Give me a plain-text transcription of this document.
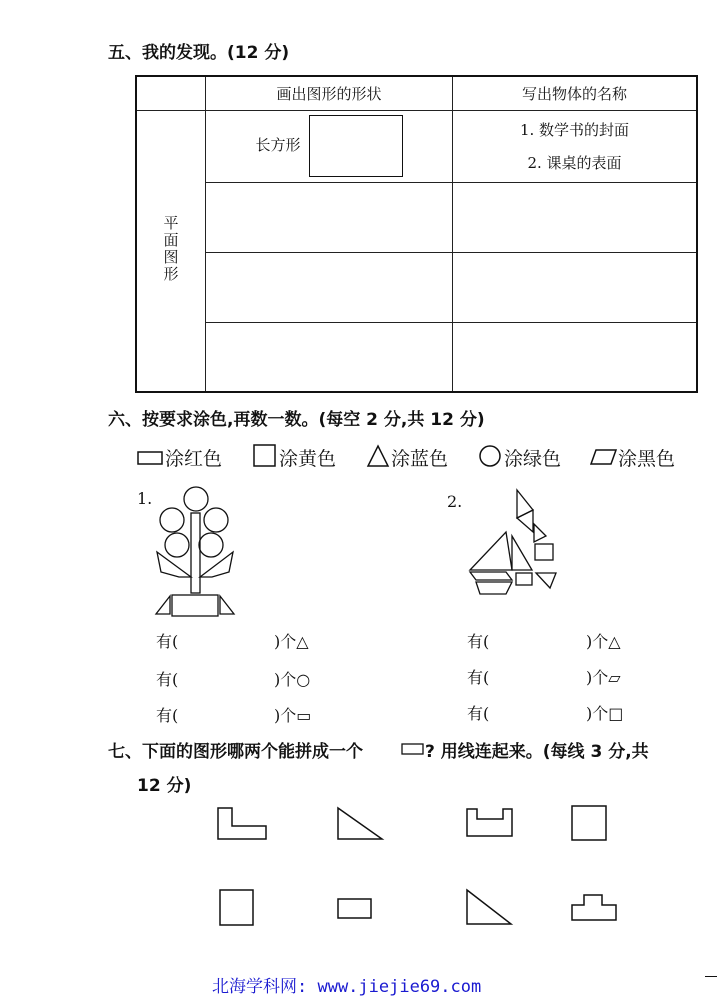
五、我的发现。(12 分)
	画出图形的形状	写出物体的名称
平面图形	长方形	1. 数学书的封面
2. 课桌的表面

六、按要求涂色,再数一数。(每空 2 分,共 12 分)
涂红色	涂黄色	涂蓝色	涂绿色	涂黑色
1.	2.
有(	)个△
有(	)个○
有(	)个▭
有(	)个△
有(	)个▱
有(	)个□
七、下面的图形哪两个能拼成一个	? 用线连起来。(每线 3 分,共
12 分)
北海学科网: www.jiejie69.com
